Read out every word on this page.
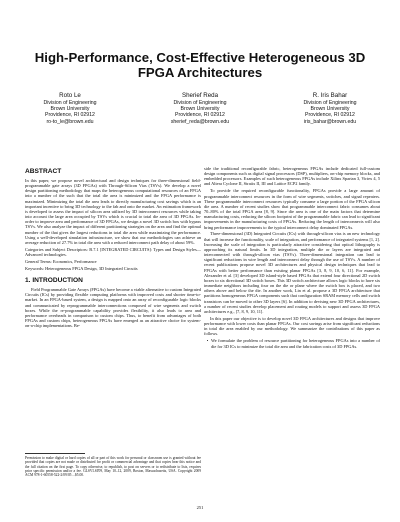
High-Performance, Cost-Effective Heterogeneous 3D
FPGA Architectures
Roto Le
Division of Engineering
Brown University
Providence, RI 02912
ro-to_le@brown.edu
Sherief Reda
Division of Engineering
Brown University
Providence, RI 02912
sherief_reda@brown.edu
R. Iris Bahar
Division of Engineering
Brown University
Providence, RI 02912
iris_bahar@brown.edu
ABSTRACT

In this paper, we propose novel architectural and design techniques for three-dimensional field-programmable gate arrays (3D FPGAs) with Through-Silicon Vias (TSVs). We develop a novel design partitioning methodology that maps the heterogeneous computational resources of an FPGA into a number of the such that the total die area is minimized and the FPGA performance is maximized. Minimizing the total die area leads to directly manufacturing cost savings which is an important incentive to bring 3D technology to the fab and onto the market. An estimation framework is developed to assess the impact of silicon area utilized by 3D interconnect resources while taking into account the large area occupied by TSVs which is crucial to total die area of 3D FPGAs. In-order to improve area and performance of 3D FPGAs, we design a novel 3D switch box with bypass TSVs. We also analyze the impact of different partitioning strategies on the area and find the optimal number of the that gives the largest reductions in total die area while maximizing the performance. Using a well-developed simulation infrastructure, we show that our methodologies can achieve an average reduction of 27.7% in total die area with a reduced interconnect path delay of about 59%.

Categories and Subject Descriptors: B.7.1 [INTEGRATED CIRCUITS]: Types and Design Styles—Advanced technologies.

General Terms: Economics, Performance

Keywords: Heterogeneous FPGA Design, 3D Integrated Circuits

1. INTRODUCTION

Field Programmable Gate Arrays (FPGAs) have become a viable alternative to custom Integrated Circuits (ICs) by providing flexible computing platforms with improved costs and shorter time-to-market. In an FPGA-based system, a design is mapped onto an array of reconfigurable logic blocks and communicated by reprogrammable interconnections composed of wire segments and switch boxes. While the re-programmable capability provides flexibility, it also leads to area and performance overheads in comparison to custom chips. Thus, to benefit from advantages of both FPGAs and custom chips, heterogeneous FPGAs have emerged as an attractive choice for system-on-a-chip implementations. Be-

Permission to make digital or hard copies of all or part of this work for personal or classroom use is granted without fee provided that copies are not made or distributed for profit or commercial advantage and that copies bear this notice and the full citation on the first page. To copy otherwise, to republish, to post on servers or to redistribute to lists, requires prior specific permission and/or a fee. GLSVLSI'09, May 10–12, 2009, Boston, Massachusetts, USA. Copyright 2009 ACM 978-1-60558-522-2/09/05 ...$5.00.

side the traditional reconfigurable fabric, heterogeneous FPGAs include dedicated full-custom design components such as digital signal processors (DSP), multipliers, on-chip memory blocks, and embedded processors. Examples of such heterogeneous FPGAs include Xilinx Spartan 3, Virtex 4, 5 and Altera Cyclone II, Stratix II, III and Lattice ECP2 family.

To provide the required reconfigurable functionality, FPGAs provide a large amount of programmable interconnect resources in the form of wire segments, switches, and signal repeaters. These programmable interconnect resources typically consume a large portion of the FPGA silicon die area. A number of recent studies show that programmable interconnect fabric consumes about 70–80% of the total FPGA area [8, 9]. Since die area is one of the main factors that determine manufacturing costs, reducing the silicon footprint of the programmable fabric can lead to significant improvements in the manufacturing costs of FPGAs. Reducing the length of interconnects will also bring performance improvements to the typical interconnect delay dominated FPGAs.

Three-dimensional (3D) Integrated Circuits (ICs) with through-silicon vias is an new technology that will increase the functionality, scale of integration, and performance of integrated systems [1, 2]. Increasing the scale of integration is particularly attractive considering that optical lithography is approaching its natural limits. In 3D integration, multiple die or layers are integrated and interconnected with through-silicon vias (TSVs). Three-dimensional integration can lead to significant reductions in wire length and interconnect delay through the use of TSVs. A number of recent publications propose novel 3D architectures and physical design techniques that lead to FPGAs with better performance than existing planar FPGAs [3, 8, 9, 10, 6, 11]. For example, Alexander et al. [3] developed 3D island-style based FPGAs that extend four directional 2D switch boxes to six directional 3D switch boxes. This 3D switch architecture allows logic blocks to have six immediate neighbors including four on the die or plane where the switch box is placed, and two others above and below the die. In another work, Lin et al. propose a 3D FPGA architecture that partitions homogeneous FPGA components such that configuration SRAM memory cells and switch transistors can be moved to other 3D layers [6]. In addition to devising new 3D FPGA architectures, a number of recent studies develop placement and routing models to support and assess 3D FPGA architectures e.g., [7, 8, 9, 10, 11].

In this paper our objective is to develop novel 3D FPGA architectures and designs that improve performance with lower costs than planar FPGAs. Our cost savings arise from significant reductions in total die area enabled by our methodology. We summarize the contributions of this paper as follows.

• We formulate the problem of resource partitioning for heterogeneous FPGAs into a number of die for 3D ICs to minimize the total die area and the fabrication costs of 3D FPGAs.
251
